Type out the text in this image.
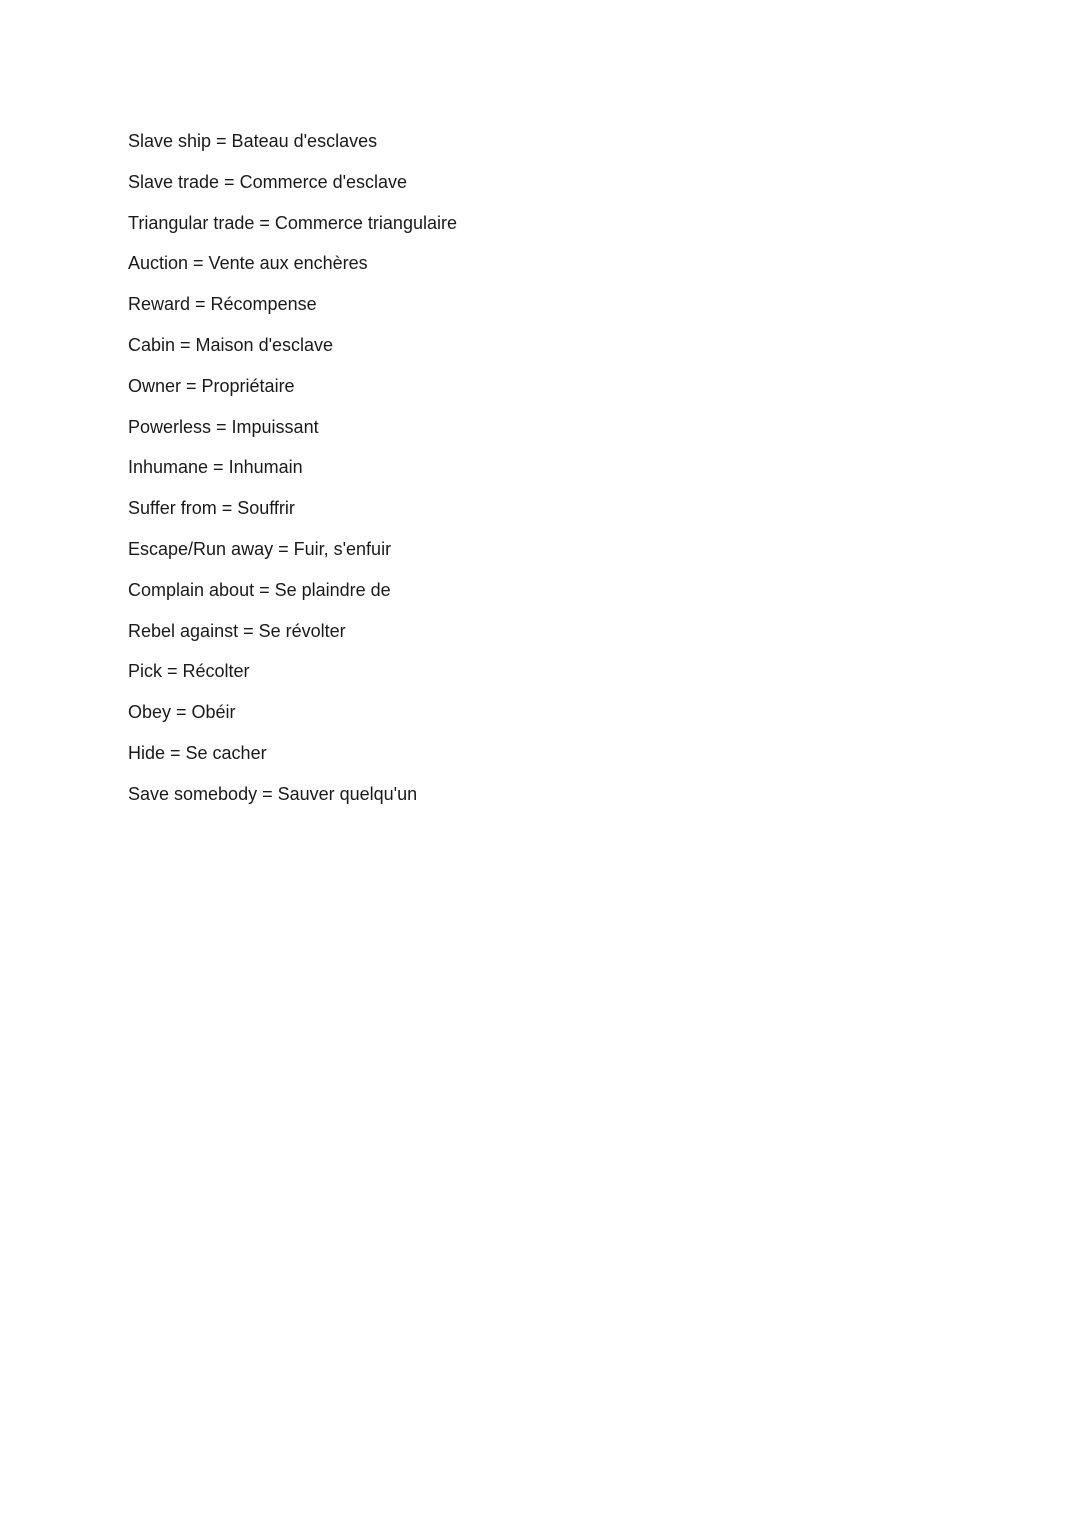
Slave ship = Bateau d'esclaves
Slave trade = Commerce d'esclave
Triangular trade = Commerce triangulaire
Auction = Vente aux enchères
Reward = Récompense
Cabin = Maison d'esclave
Owner = Propriétaire
Powerless = Impuissant
Inhumane = Inhumain
Suffer from = Souffrir
Escape/Run away = Fuir, s'enfuir
Complain about = Se plaindre de
Rebel against = Se révolter
Pick = Récolter
Obey = Obéir
Hide = Se cacher
Save somebody = Sauver quelqu'un
